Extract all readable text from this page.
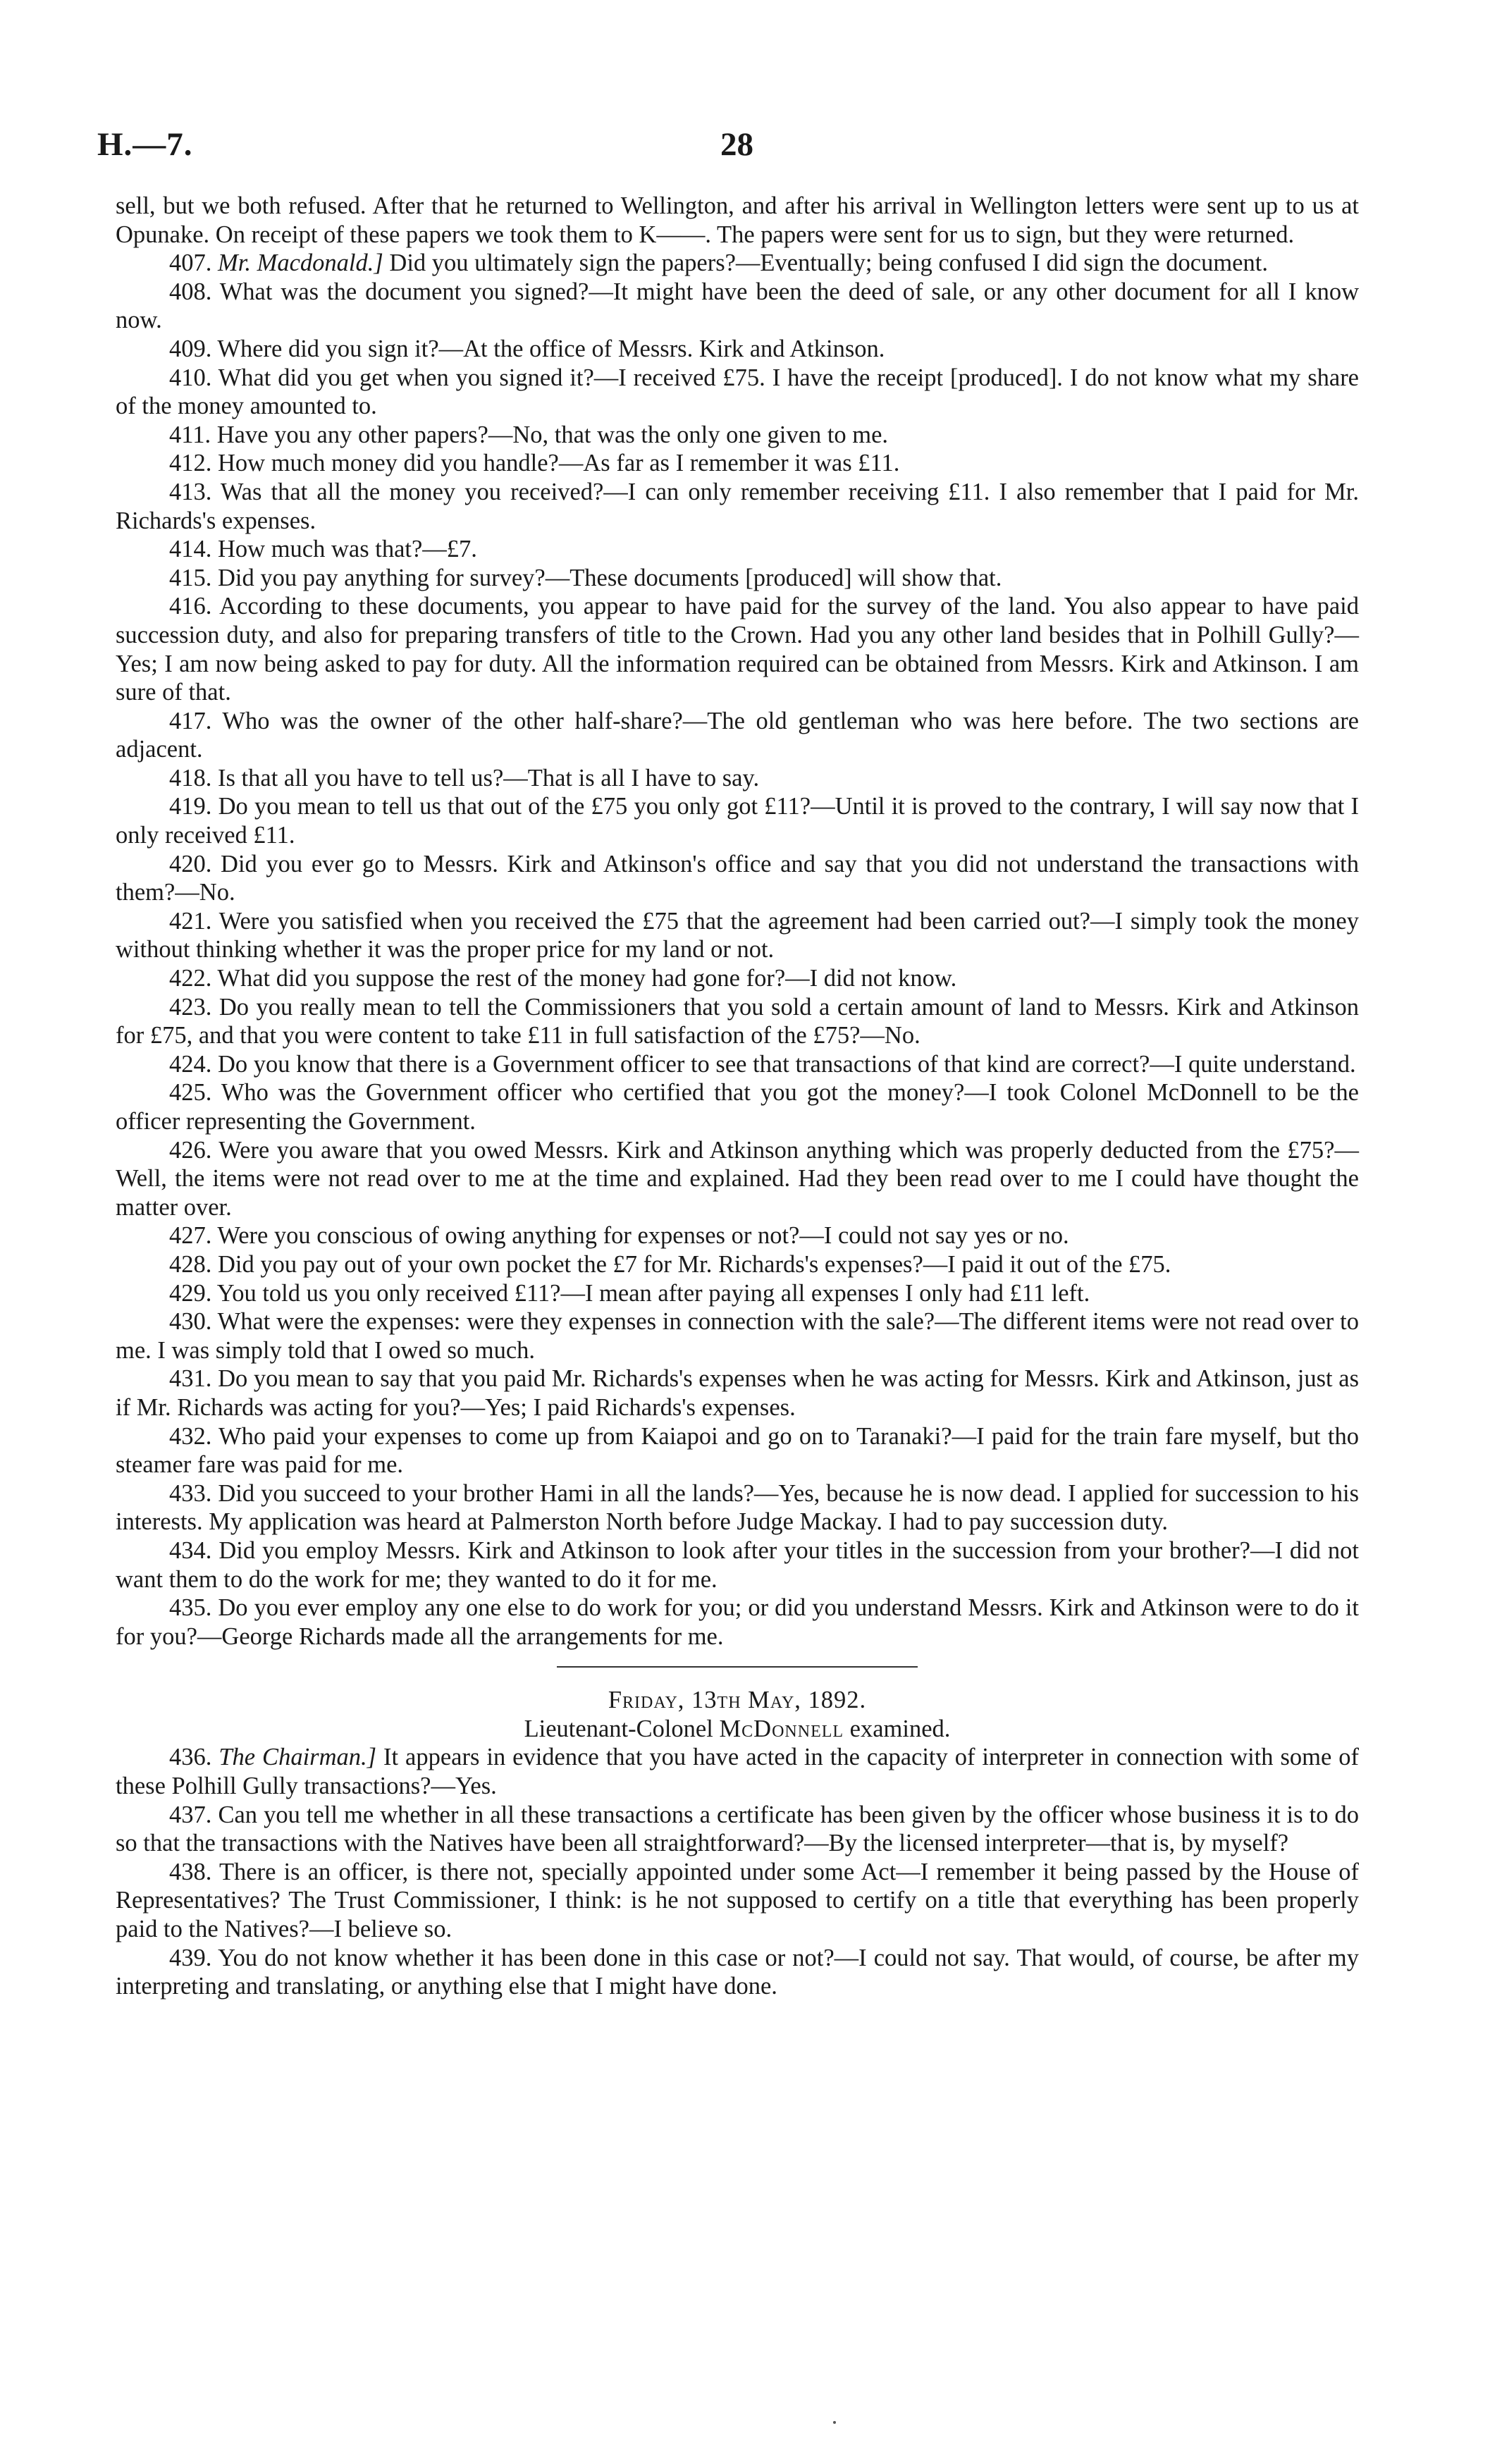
H.—7.	28

sell, but we both refused. After that he returned to Wellington, and after his arrival in Wellington letters were sent up to us at Opunake. On receipt of these papers we took them to K——. The papers were sent for us to sign, but they were returned.

407. Mr. Macdonald.] Did you ultimately sign the papers?—Eventually; being confused I did sign the document.

408. What was the document you signed?—It might have been the deed of sale, or any other document for all I know now.

409. Where did you sign it?—At the office of Messrs. Kirk and Atkinson.

410. What did you get when you signed it?—I received £75. I have the receipt [produced]. I do not know what my share of the money amounted to.

411. Have you any other papers?—No, that was the only one given to me.

412. How much money did you handle?—As far as I remember it was £11.

413. Was that all the money you received?—I can only remember receiving £11. I also remember that I paid for Mr. Richards's expenses.

414. How much was that?—£7.

415. Did you pay anything for survey?—These documents [produced] will show that.

416. According to these documents, you appear to have paid for the survey of the land. You also appear to have paid succession duty, and also for preparing transfers of title to the Crown. Had you any other land besides that in Polhill Gully?—Yes; I am now being asked to pay for duty. All the information required can be obtained from Messrs. Kirk and Atkinson. I am sure of that.

417. Who was the owner of the other half-share?—The old gentleman who was here before. The two sections are adjacent.

418. Is that all you have to tell us?—That is all I have to say.

419. Do you mean to tell us that out of the £75 you only got £11?—Until it is proved to the contrary, I will say now that I only received £11.

420. Did you ever go to Messrs. Kirk and Atkinson's office and say that you did not understand the transactions with them?—No.

421. Were you satisfied when you received the £75 that the agreement had been carried out?—I simply took the money without thinking whether it was the proper price for my land or not.

422. What did you suppose the rest of the money had gone for?—I did not know.

423. Do you really mean to tell the Commissioners that you sold a certain amount of land to Messrs. Kirk and Atkinson for £75, and that you were content to take £11 in full satisfaction of the £75?—No.

424. Do you know that there is a Government officer to see that transactions of that kind are correct?—I quite understand.

425. Who was the Government officer who certified that you got the money?—I took Colonel McDonnell to be the officer representing the Government.

426. Were you aware that you owed Messrs. Kirk and Atkinson anything which was properly deducted from the £75?—Well, the items were not read over to me at the time and explained. Had they been read over to me I could have thought the matter over.

427. Were you conscious of owing anything for expenses or not?—I could not say yes or no.

428. Did you pay out of your own pocket the £7 for Mr. Richards's expenses?—I paid it out of the £75.

429. You told us you only received £11?—I mean after paying all expenses I only had £11 left.

430. What were the expenses: were they expenses in connection with the sale?—The different items were not read over to me. I was simply told that I owed so much.

431. Do you mean to say that you paid Mr. Richards's expenses when he was acting for Messrs. Kirk and Atkinson, just as if Mr. Richards was acting for you?—Yes; I paid Richards's expenses.

432. Who paid your expenses to come up from Kaiapoi and go on to Taranaki?—I paid for the train fare myself, but tho steamer fare was paid for me.

433. Did you succeed to your brother Hami in all the lands?—Yes, because he is now dead. I applied for succession to his interests. My application was heard at Palmerston North before Judge Mackay. I had to pay succession duty.

434. Did you employ Messrs. Kirk and Atkinson to look after your titles in the succession from your brother?—I did not want them to do the work for me; they wanted to do it for me.

435. Do you ever employ any one else to do work for you; or did you understand Messrs. Kirk and Atkinson were to do it for you?—George Richards made all the arrangements for me.

Friday, 13th May, 1892.

Lieutenant-Colonel McDonnell examined.

436. The Chairman.] It appears in evidence that you have acted in the capacity of interpreter in connection with some of these Polhill Gully transactions?—Yes.

437. Can you tell me whether in all these transactions a certificate has been given by the officer whose business it is to do so that the transactions with the Natives have been all straightforward?—By the licensed interpreter—that is, by myself?

438. There is an officer, is there not, specially appointed under some Act—I remember it being passed by the House of Representatives? The Trust Commissioner, I think: is he not supposed to certify on a title that everything has been properly paid to the Natives?—I believe so.

439. You do not know whether it has been done in this case or not?—I could not say. That would, of course, be after my interpreting and translating, or anything else that I might have done.
